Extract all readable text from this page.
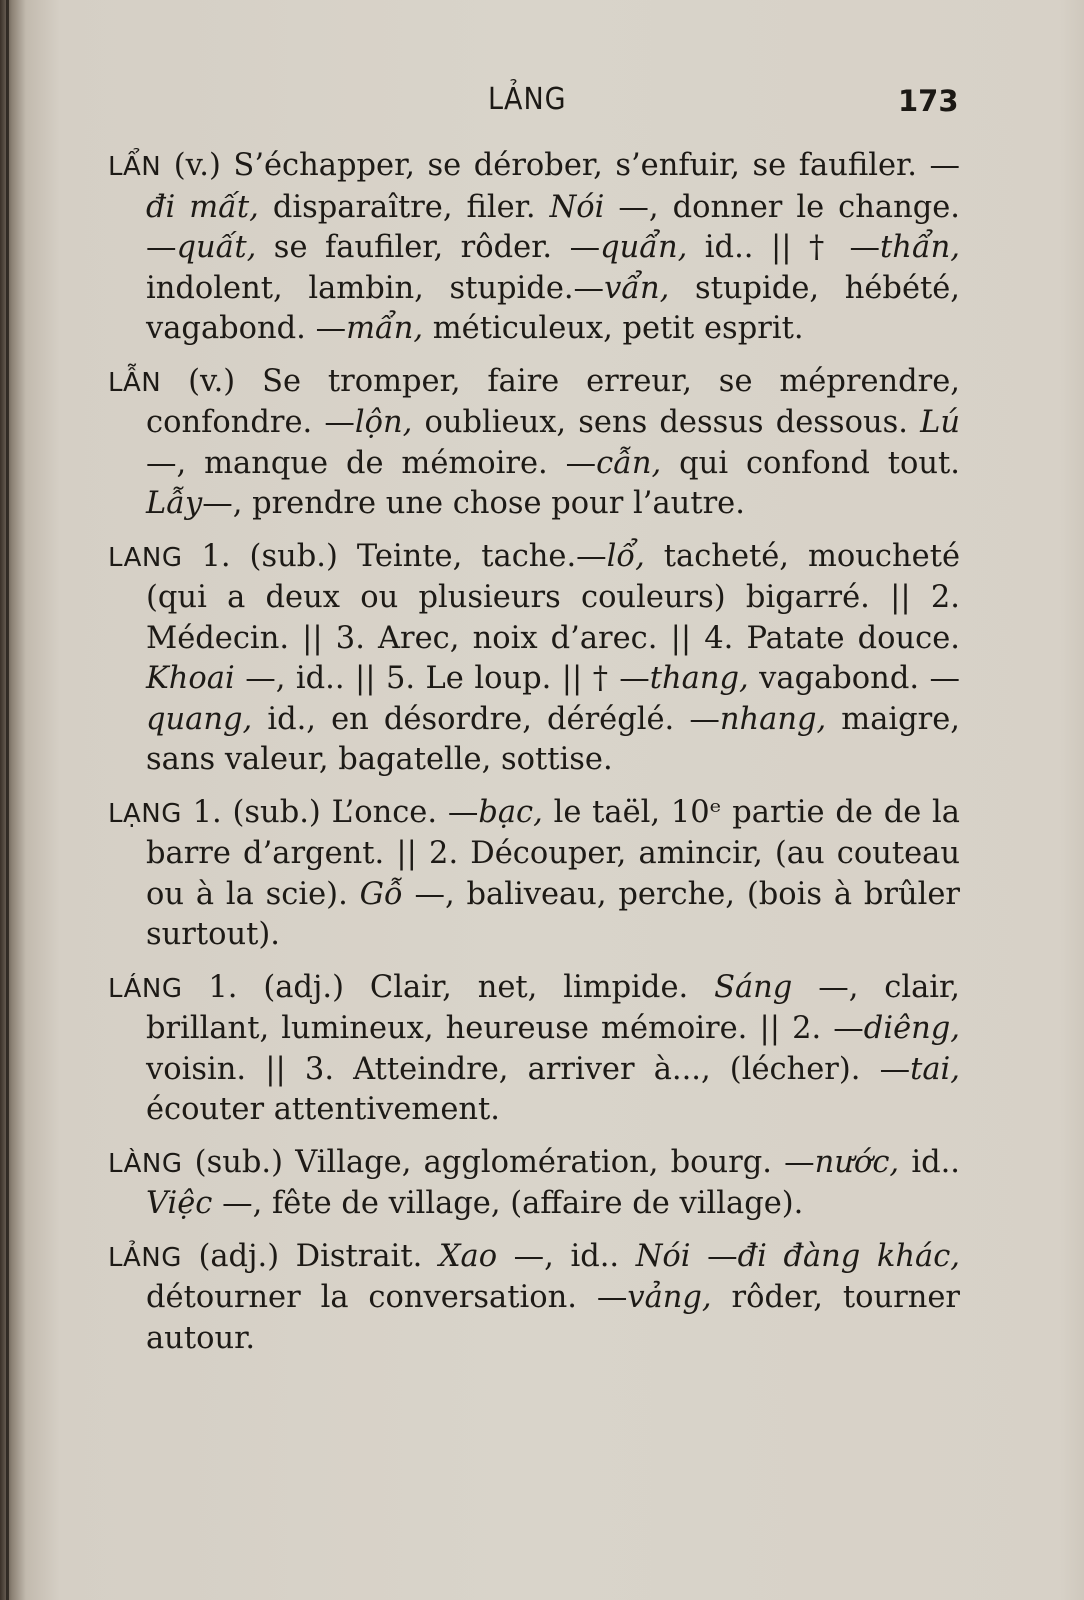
LẢNG	173

LẨN (v.) S’échapper, se dérober, s’enfuir, se faufiler. —đi mất, disparaître, filer. Nói —, donner le change. —quất, se faufiler, rôder. —quẩn, id.. || † —thẩn, indolent, lambin, stupide.—vẩn, stupide, hébété, vagabond. —mẩn, méticuleux, petit esprit.

LẪN (v.) Se tromper, faire erreur, se méprendre, confondre. —lộn, oublieux, sens dessus dessous. Lú —, manque de mémoire. —cẫn, qui confond tout. Lẫy—, prendre une chose pour l’autre.

LANG 1. (sub.) Teinte, tache.—lổ, tacheté, moucheté (qui a deux ou plusieurs couleurs) bigarré. || 2. Médecin. || 3. Arec, noix d’arec. || 4. Patate douce. Khoai —, id.. || 5. Le loup. || † —thang, vagabond. —quang, id., en désordre, déréglé. —nhang, maigre, sans valeur, bagatelle, sottise.

LẠNG 1. (sub.) L’once. —bạc, le taël, 10ᵉ partie de de la barre d’argent. || 2. Découper, amincir, (au couteau ou à la scie). Gỗ —, baliveau, perche, (bois à brûler surtout).

LÁNG 1. (adj.) Clair, net, limpide. Sáng —, clair, brillant, lumineux, heureuse mémoire. || 2. —diêng, voisin. || 3. Atteindre, arriver à..., (lécher). —tai, écouter attentivement.

LÀNG (sub.) Village, agglomération, bourg. —nước, id.. Việc —, fête de village, (affaire de village).

LẢNG (adj.) Distrait. Xao —, id.. Nói —đi đàng khác, détourner la conversation. —vảng, rôder, tourner autour.
